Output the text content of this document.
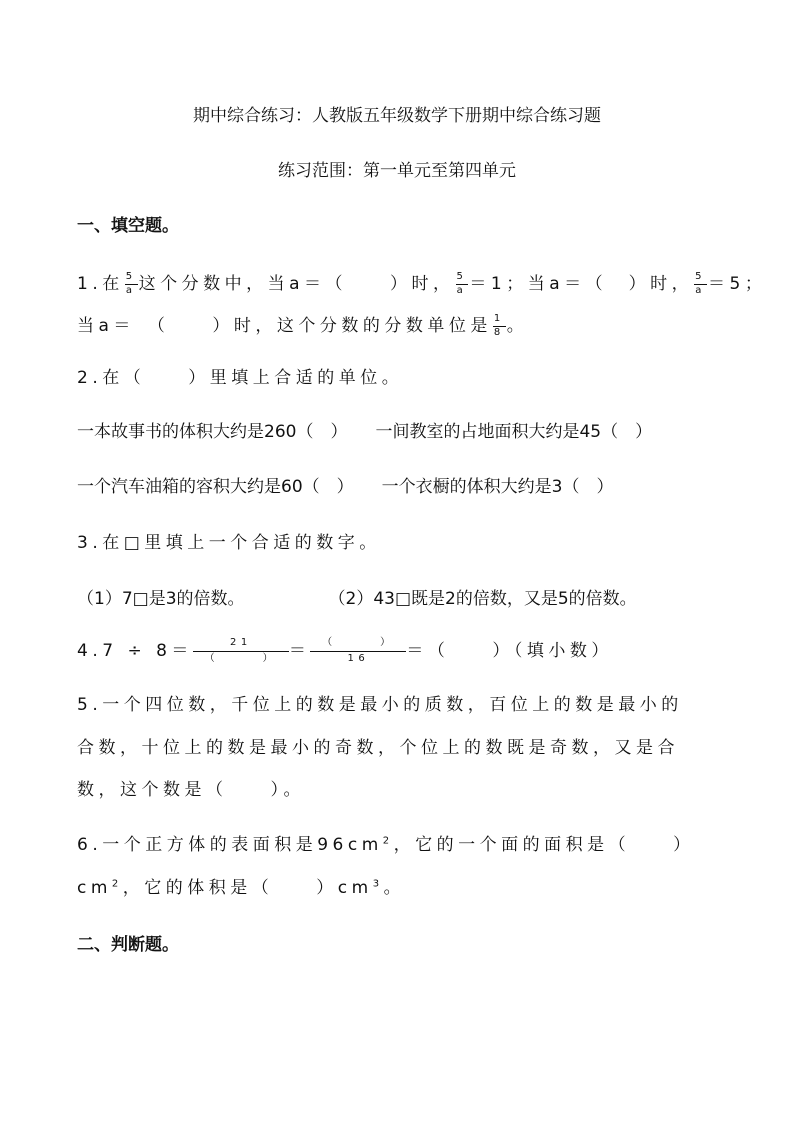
期中综合练习：人教版五年级数学下册期中综合练习题
练习范围：第一单元至第四单元
一、填空题。
1.在 $\frac{5}{a}$ 这个分数中，当a＝（　　）时， $\frac{5}{a} =1$；当a＝（　）时， $\frac{5}{a} =5$；
当a＝　（　　）时，这个分数的分数单位是 $\frac{1}{8}$ 。
2.在（　　）里填上合适的单位。
一本故事书的体积大约是260（　） 一间教室的占地面积大约是45（　）
一个汽车油箱的容积大约是60（　） 一个衣橱的体积大约是3（　）
3.在□里填上一个合适的数字。
（1）7□是3的倍数。	（2）43□既是2的倍数，又是5的倍数。
$4.7 \div 8= \frac{21}{( )} = \frac{( )}{16}$ ＝（　　）（填小数）
5.一个四位数，千位上的数是最小的质数，百位上的数是最小的
合数，十位上的数是最小的奇数，个位上的数既是奇数，又是合
数，这个数是（　　）。
6.一个正方体的表面积是$96cm^2$，它的一个面的面积是（　　）
$cm^2$，它的体积是（　　）$cm^3$。
二、判断题。
